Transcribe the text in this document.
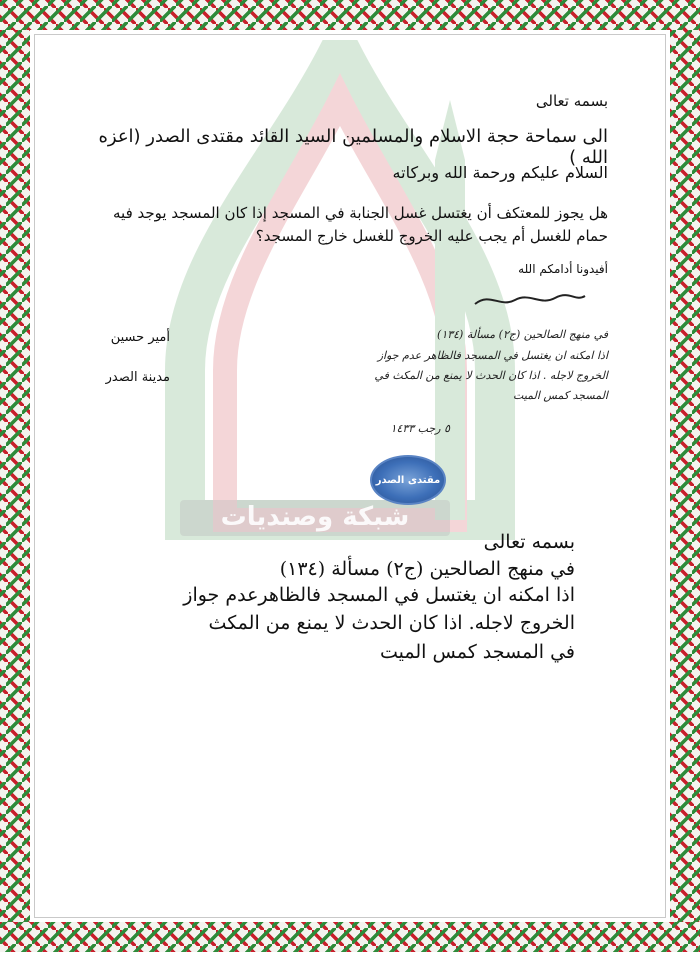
شبكة وصنديات
بسمه تعالى
الى سماحة حجة الاسلام والمسلمين السيد القائد مقتدى الصدر (اعزه الله )
السلام عليكم ورحمة الله وبركاته
هل يجوز للمعتكف أن يغتسل غسل الجنابة في المسجد إذا كان المسجد يوجد فيه
حمام للغسل أم يجب عليه الخروج للغسل خارج المسجد؟
أفيدونا أدامكم الله
أمير حسين
مدينة الصدر
في منهج الصالحين (ج٢) مسألة (١٣٤)
اذا امكنه ان يغتسل في المسجد فالظاهر عدم جواز
الخروج لاجله . اذا كان الحدث لا يمنع من المكث في
المسجد كمس الميت
٥ رجب ١٤٣٣
مقتدى الصدر
بسمه تعالى
في منهج الصالحين (ج٢) مسألة (١٣٤)
اذا امكنه ان يغتسل في المسجد فالظاهرعدم جواز
الخروج لاجله. اذا كان الحدث لا يمنع من المكث
في المسجد كمس الميت
